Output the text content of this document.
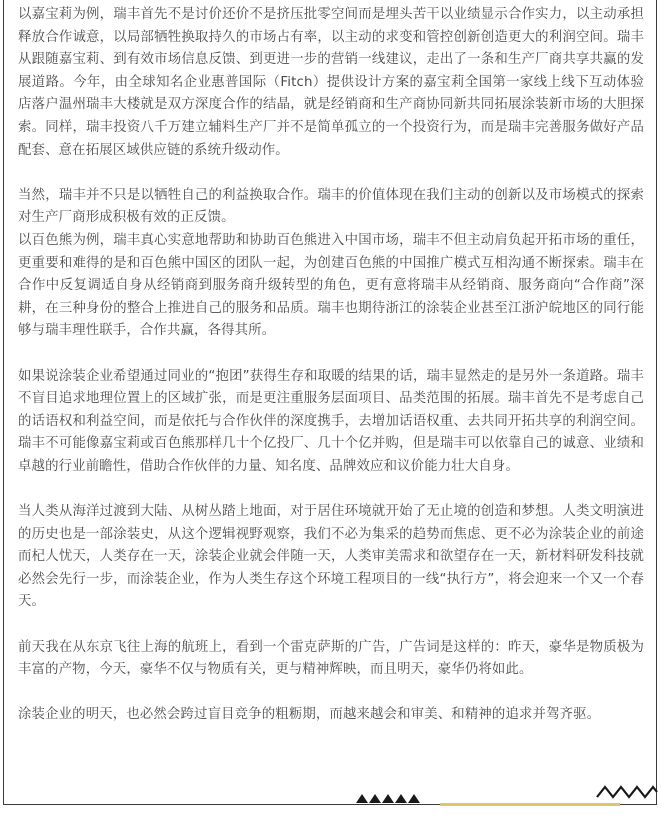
以嘉宝莉为例，瑞丰首先不是讨价还价不是挤压批零空间而是埋头苦干以业绩显示合作实力，以主动承担释放合作诚意，以局部牺牲换取持久的市场占有率，以主动的求变和管控创新创造更大的利润空间。瑞丰从跟随嘉宝莉、到有效市场信息反馈、到更进一步的营销一线建议，走出了一条和生产厂商共享共赢的发展道路。今年，由全球知名企业惠普国际（Fitch）提供设计方案的嘉宝莉全国第一家线上线下互动体验店落户温州瑞丰大楼就是双方深度合作的结晶，就是经销商和生产商协同新共同拓展涂装新市场的大胆探索。同样，瑞丰投资八千万建立辅料生产厂并不是简单孤立的一个投资行为，而是瑞丰完善服务做好产品配套、意在拓展区域供应链的系统升级动作。

当然，瑞丰并不只是以牺牲自己的利益换取合作。瑞丰的价值体现在我们主动的创新以及市场模式的探索对生产厂商形成积极有效的正反馈。

以百色熊为例，瑞丰真心实意地帮助和协助百色熊进入中国市场，瑞丰不但主动肩负起开拓市场的重任，更重要和难得的是和百色熊中国区的团队一起，为创建百色熊的中国推广模式互相沟通不断探索。瑞丰在合作中反复调适自身从经销商到服务商升级转型的角色，更有意将瑞丰从经销商、服务商向“合作商”深耕，在三种身份的整合上推进自己的服务和品质。瑞丰也期待浙江的涂装企业甚至江浙沪皖地区的同行能够与瑞丰理性联手，合作共赢，各得其所。

如果说涂装企业希望通过同业的“抱团”获得生存和取暖的结果的话，瑞丰显然走的是另外一条道路。瑞丰不盲目追求地理位置上的区域扩张，而是更注重服务层面项目、品类范围的拓展。瑞丰首先不是考虑自己的话语权和利益空间，而是依托与合作伙伴的深度携手，去增加话语权重、去共同开拓共享的利润空间。瑞丰不可能像嘉宝莉或百色熊那样几十个亿投厂、几十个亿并购，但是瑞丰可以依靠自己的诚意、业绩和卓越的行业前瞻性，借助合作伙伴的力量、知名度、品牌效应和议价能力壮大自身。

当人类从海洋过渡到大陆、从树丛踏上地面，对于居住环境就开始了无止境的创造和梦想。人类文明演进的历史也是一部涂装史，从这个逻辑视野观察，我们不必为集采的趋势而焦虑、更不必为涂装企业的前途而杞人忧天，人类存在一天，涂装企业就会伴随一天，人类审美需求和欲望存在一天，新材料研发科技就必然会先行一步，而涂装企业，作为人类生存这个环境工程项目的一线“执行方”，将会迎来一个又一个春天。

前天我在从东京飞往上海的航班上，看到一个雷克萨斯的广告，广告词是这样的：昨天，豪华是物质极为丰富的产物，今天，豪华不仅与物质有关，更与精神辉映，而且明天，豪华仍将如此。

涂装企业的明天，也必然会跨过盲目竞争的粗粝期，而越来越会和审美、和精神的追求并驾齐驱。
